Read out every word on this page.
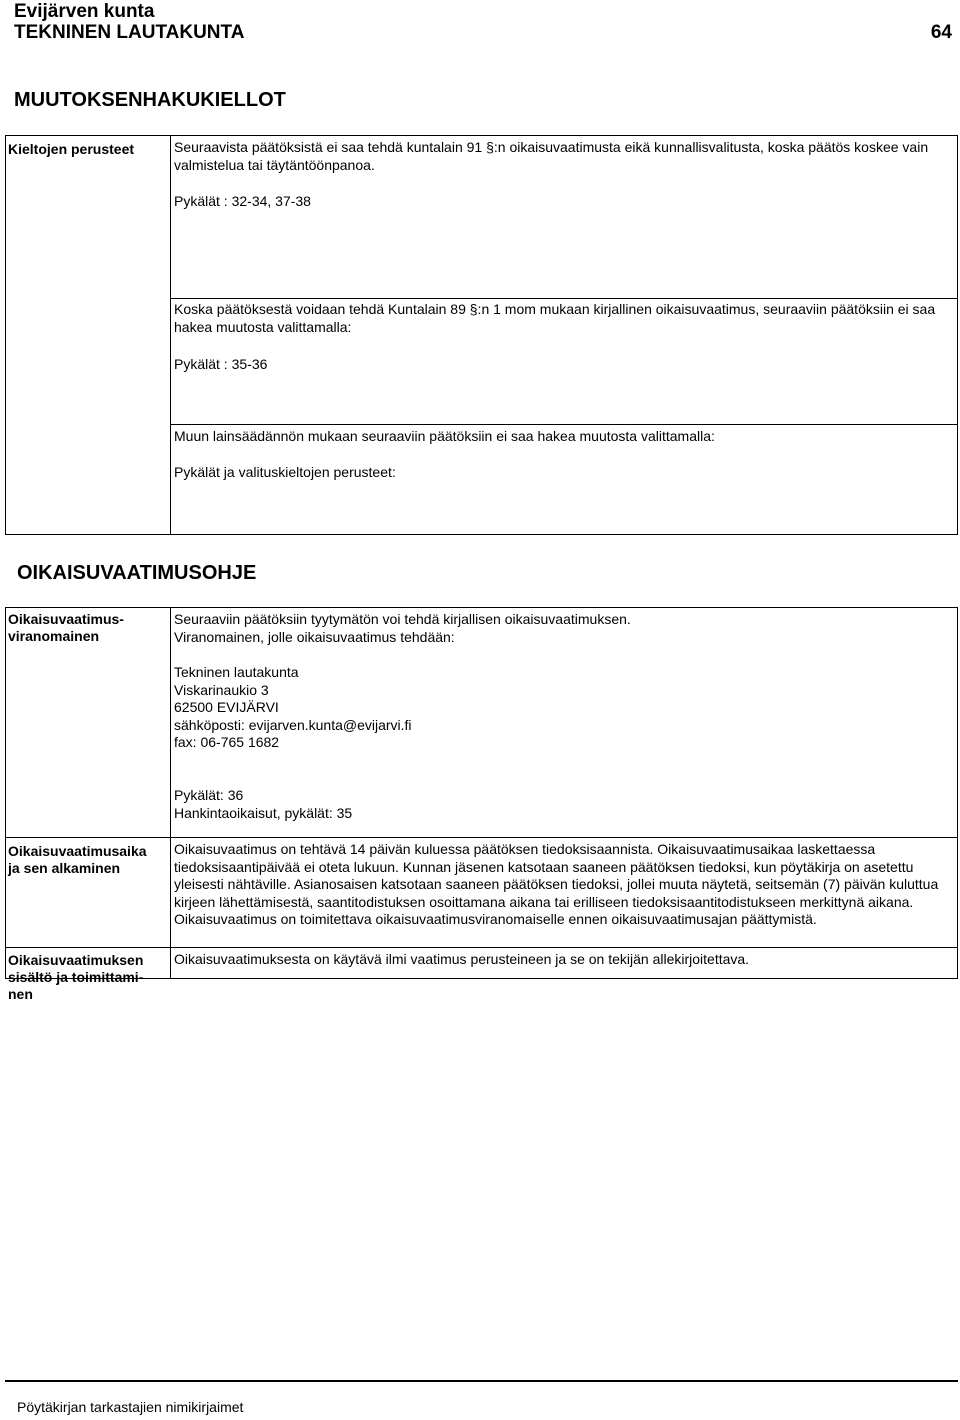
Evijärven kunta
TEKNINEN LAUTAKUNTA	64
MUUTOKSENHAKUKIELLOT
Kieltojen perusteet	Seuraavista päätöksistä ei saa tehdä kuntalain 91 §:n oikaisuvaatimusta eikä kunnallisvalitusta, koska päätös koskee vain valmistelua tai täytäntöönpanoa.
Pykälät : 32-34, 37-38
Koska päätöksestä voidaan tehdä Kuntalain 89 §:n 1 mom mukaan kirjallinen oikaisuvaatimus, seuraaviin päätöksiin ei saa hakea muutosta valittamalla:
Pykälät : 35-36
Muun lainsäädännön mukaan seuraaviin päätöksiin ei saa hakea muutosta valittamalla:
Pykälät ja valituskieltojen perusteet:
OIKAISUVAATIMUSOHJE
Oikaisuvaatimus-
viranomainen
Seuraaviin päätöksiin tyytymätön voi tehdä kirjallisen oikaisuvaatimuksen.
Viranomainen, jolle oikaisuvaatimus tehdään:
Tekninen lautakunta
Viskarinaukio 3
62500 EVIJÄRVI
sähköposti: evijarven.kunta@evijarvi.fi
fax: 06-765 1682
Pykälät: 36
Hankintaoikaisut, pykälät: 35
Oikaisuvaatimusaika
ja sen alkaminen
Oikaisuvaatimus on tehtävä 14 päivän kuluessa päätöksen tiedoksisaannista. Oikaisuvaatimusaikaa laskettaessa tiedoksisaantipäivää ei oteta lukuun. Kunnan jäsenen katsotaan saaneen päätöksen tiedoksi, kun pöytäkirja on asetettu yleisesti nähtäville. Asianosaisen katsotaan saaneen päätöksen tiedoksi, jollei muuta näytetä, seitsemän (7) päivän kuluttua kirjeen lähettämisestä, saantitodistuksen osoittamana aikana tai erilliseen tiedoksisaantitodistukseen merkittynä aikana. Oikaisuvaatimus on toimitettava oikaisuvaatimusviranomaiselle ennen oikaisuvaatimusajan päättymistä.
Oikaisuvaatimuksen
sisältö ja toimittami-
nen
Oikaisuvaatimuksesta on käytävä ilmi vaatimus perusteineen ja se on tekijän allekirjoitettava.
Pöytäkirjan tarkastajien nimikirjaimet
